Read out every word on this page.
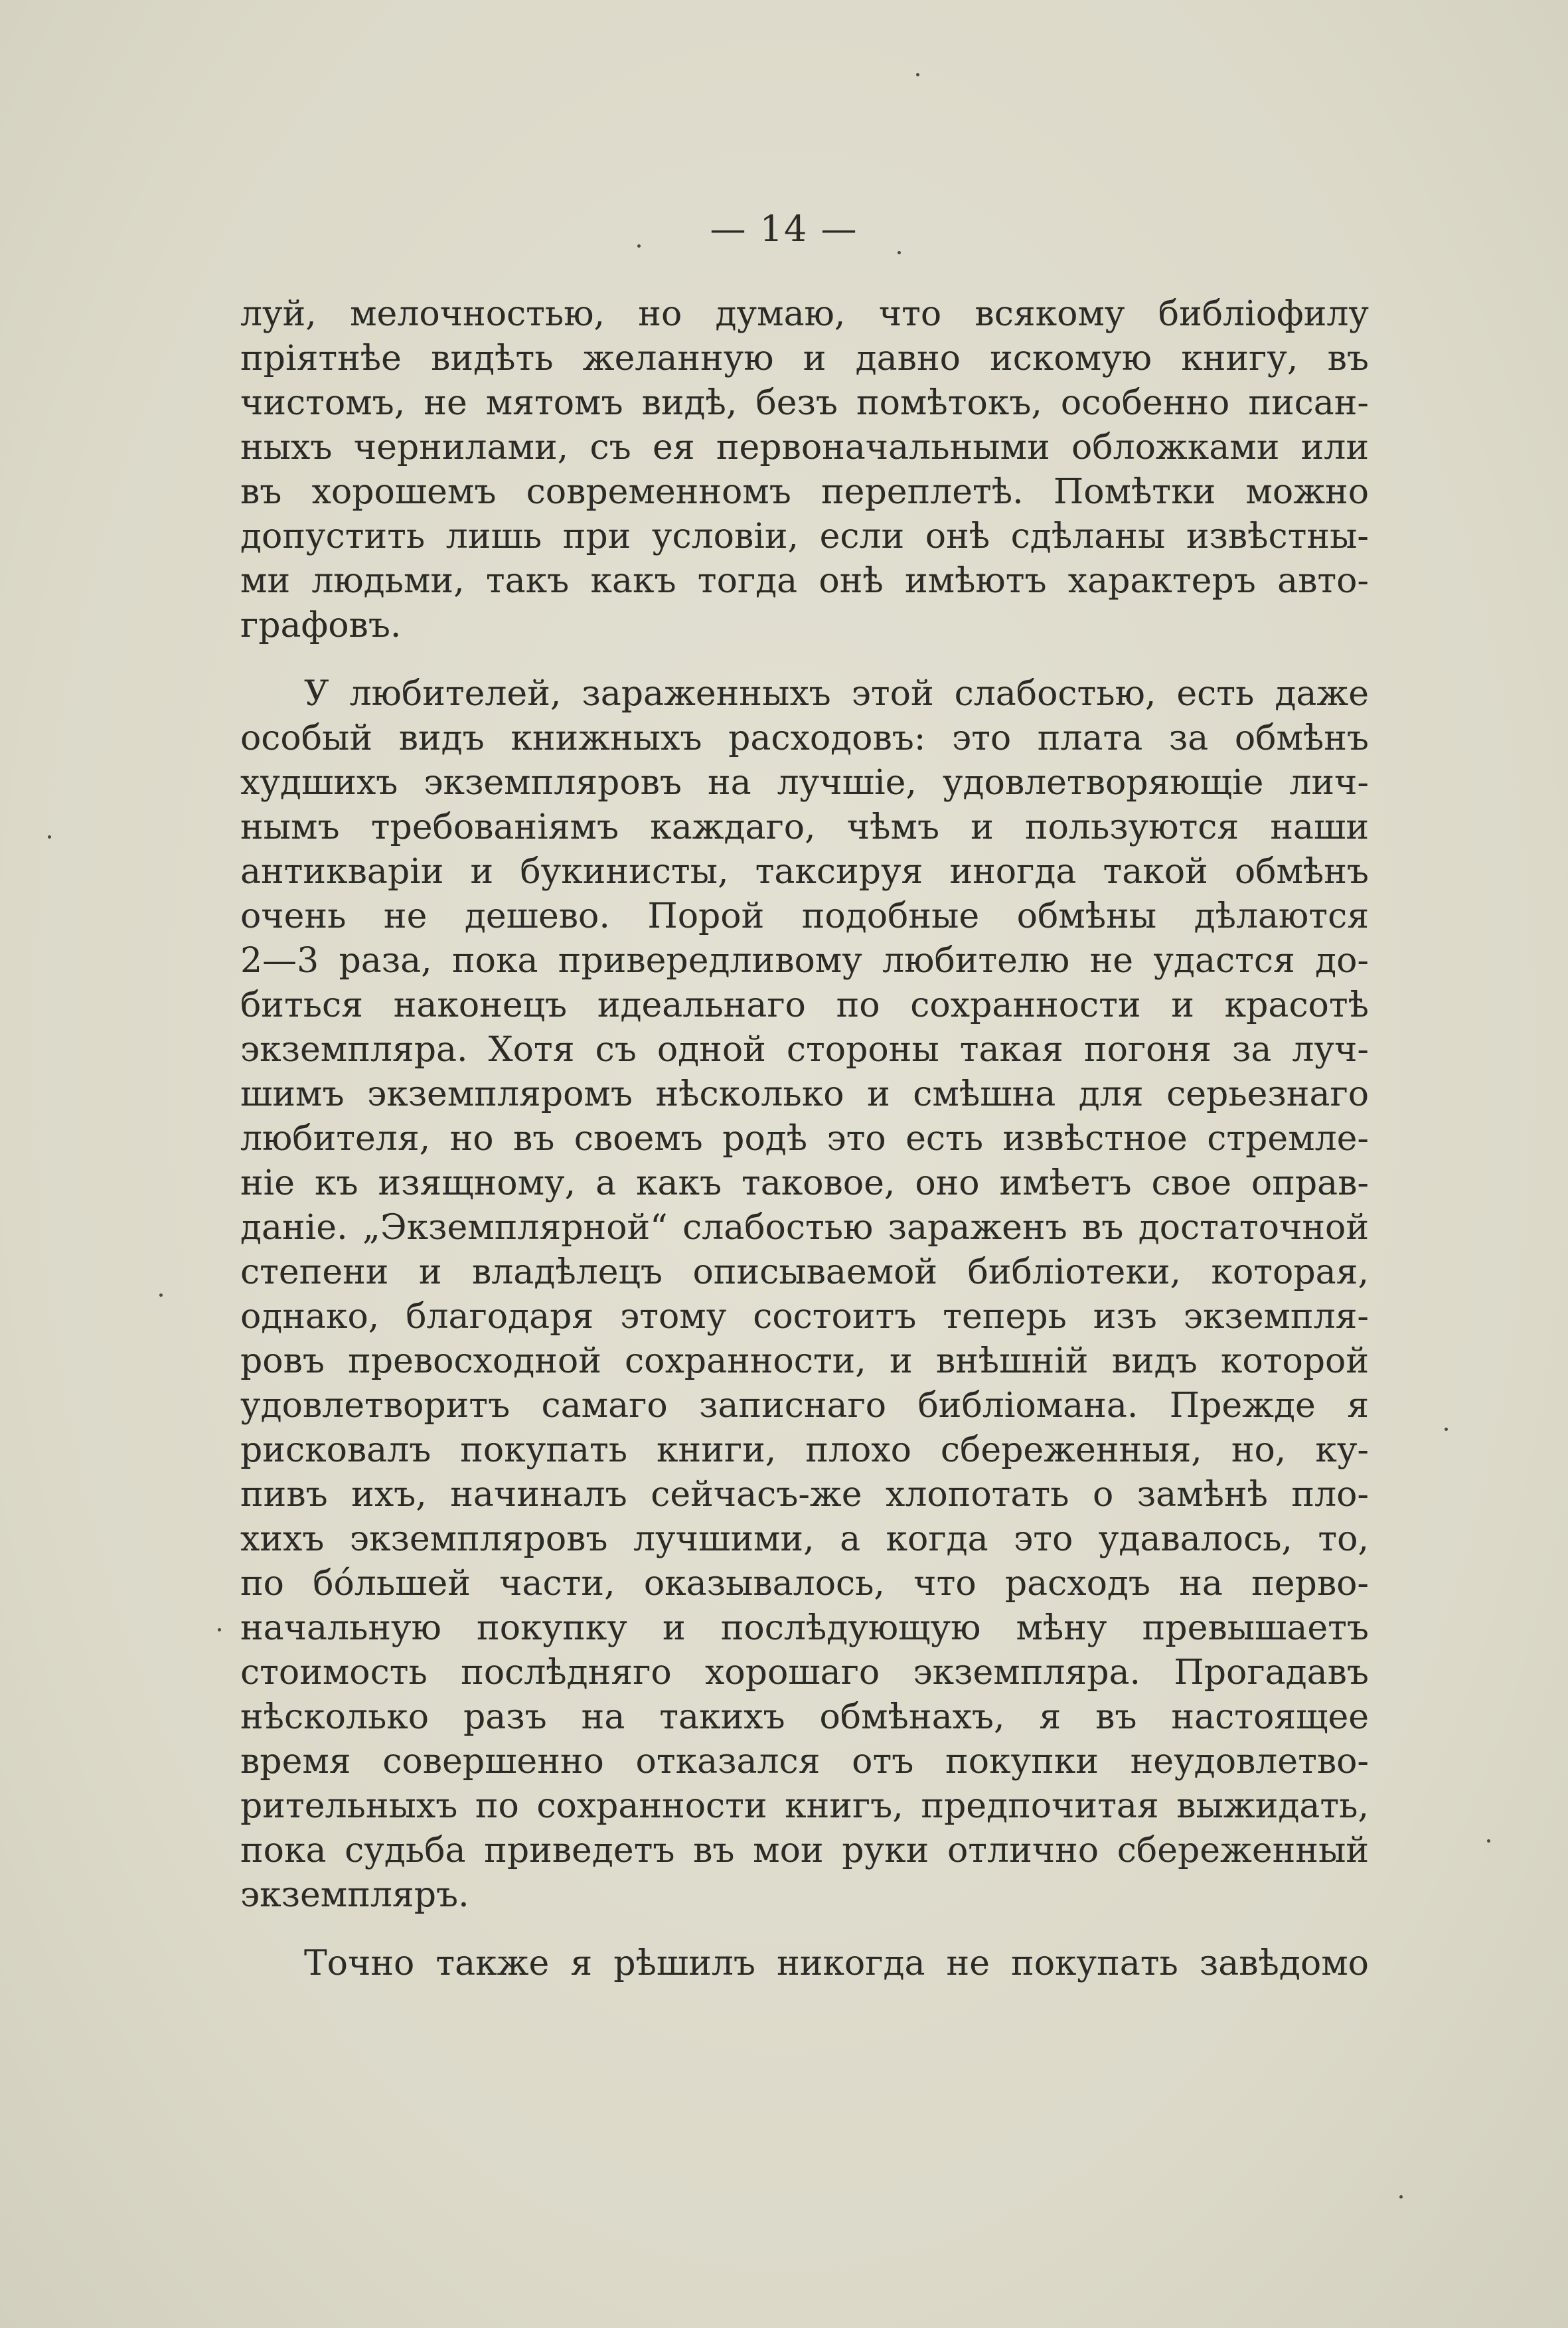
— 14 —
луй, мелочностью, но думаю, что всякому библіофилу
пріятнѣе видѣть желанную и давно искомую книгу, въ
чистомъ, не мятомъ видѣ, безъ помѣтокъ, особенно писан-
ныхъ чернилами, съ ея первоначальными обложками или
въ хорошемъ современномъ переплетѣ. Помѣтки можно
допустить лишь при условіи, если онѣ сдѣланы извѣстны-
ми людьми, такъ какъ тогда онѣ имѣютъ характеръ авто-
графовъ.
У любителей, зараженныхъ этой слабостью, есть даже
особый видъ книжныхъ расходовъ: это плата за обмѣнъ
худшихъ экземпляровъ на лучшіе, удовлетворяющіе лич-
нымъ требованіямъ каждаго, чѣмъ и пользуются наши
антикваріи и букинисты, таксируя иногда такой обмѣнъ
очень не дешево. Порой подобные обмѣны дѣлаются
2—3 раза, пока привередливому любителю не удастся до-
биться наконецъ идеальнаго по сохранности и красотѣ
экземпляра. Хотя съ одной стороны такая погоня за луч-
шимъ экземпляромъ нѣсколько и смѣшна для серьезнаго
любителя, но въ своемъ родѣ это есть извѣстное стремле-
ніе къ изящному, а какъ таковое, оно имѣетъ свое оправ-
даніе. „Экземплярной“ слабостью зараженъ въ достаточной
степени и владѣлецъ описываемой библіотеки, которая,
однако, благодаря этому состоитъ теперь изъ экземпля-
ровъ превосходной сохранности, и внѣшній видъ которой
удовлетворитъ самаго записнаго библіомана. Прежде я
рисковалъ покупать книги, плохо сбереженныя, но, ку-
пивъ ихъ, начиналъ сейчасъ-же хлопотать о замѣнѣ пло-
хихъ экземпляровъ лучшими, а когда это удавалось, то,
по бóльшей части, оказывалось, что расходъ на перво-
начальную покупку и послѣдующую мѣну превышаетъ
стоимость послѣдняго хорошаго экземпляра. Прогадавъ
нѣсколько разъ на такихъ обмѣнахъ, я въ настоящее
время совершенно отказался отъ покупки неудовлетво-
рительныхъ по сохранности книгъ, предпочитая выжидать,
пока судьба приведетъ въ мои руки отлично сбереженный
экземпляръ.
Точно также я рѣшилъ никогда не покупать завѣдомо
